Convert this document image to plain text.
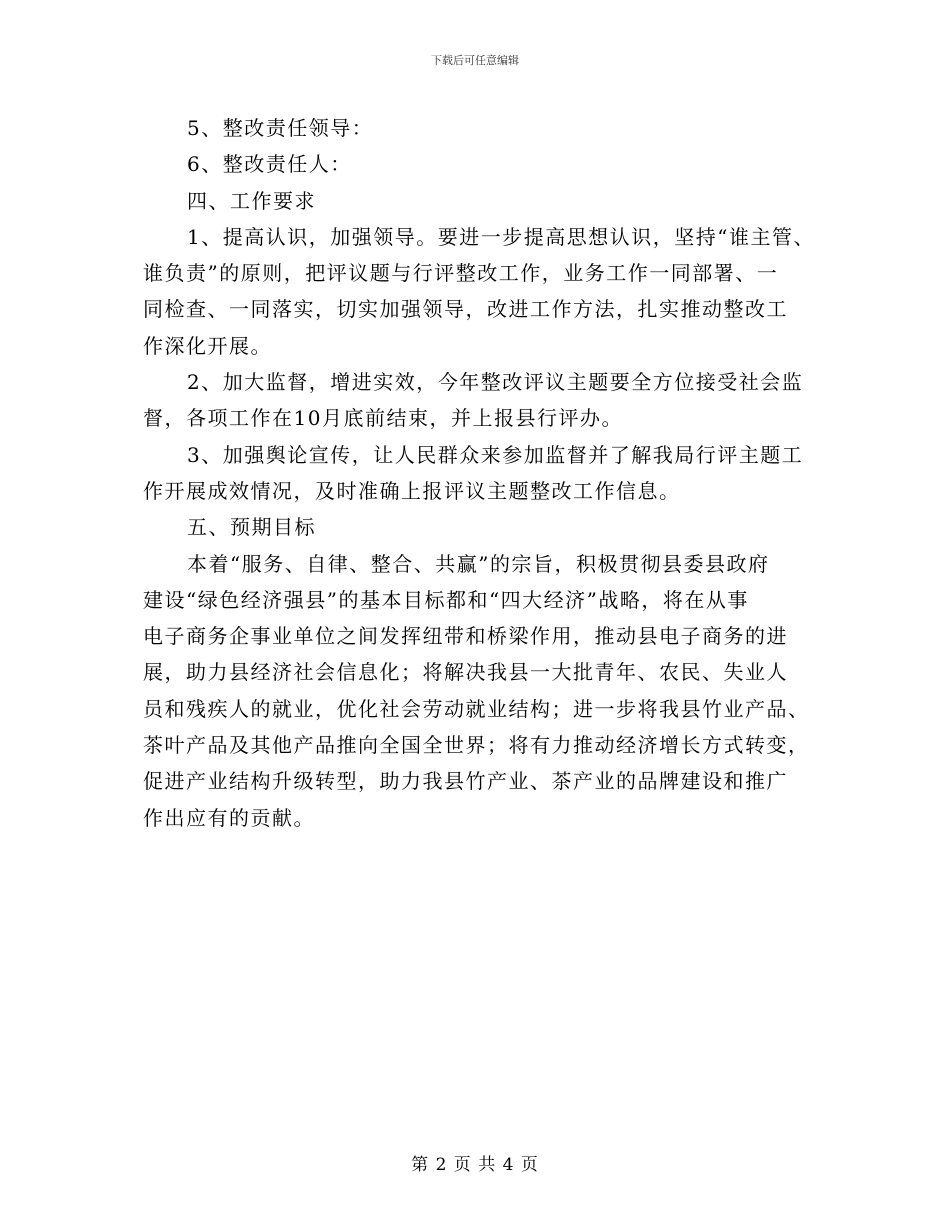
下载后可任意编辑
5、整改责任领导：
6、整改责任人：
四、工作要求
1、提高认识，加强领导。要进一步提高思想认识，坚持“谁主管、
谁负责”的原则，把评议题与行评整改工作，业务工作一同部署、一
同检查、一同落实，切实加强领导，改进工作方法，扎实推动整改工
作深化开展。
2、加大监督，增进实效，今年整改评议主题要全方位接受社会监
督，各项工作在10月底前结束，并上报县行评办。
3、加强舆论宣传，让人民群众来参加监督并了解我局行评主题工
作开展成效情况，及时准确上报评议主题整改工作信息。
五、预期目标
本着“服务、自律、整合、共赢”的宗旨，积极贯彻县委县政府
建设“绿色经济强县”的基本目标都和“四大经济”战略，将在从事
电子商务企事业单位之间发挥纽带和桥梁作用，推动县电子商务的进
展，助力县经济社会信息化；将解决我县一大批青年、农民、失业人
员和残疾人的就业，优化社会劳动就业结构；进一步将我县竹业产品、
茶叶产品及其他产品推向全国全世界；将有力推动经济增长方式转变，
促进产业结构升级转型，助力我县竹产业、茶产业的品牌建设和推广
作出应有的贡献。
第 2 页 共 4 页
